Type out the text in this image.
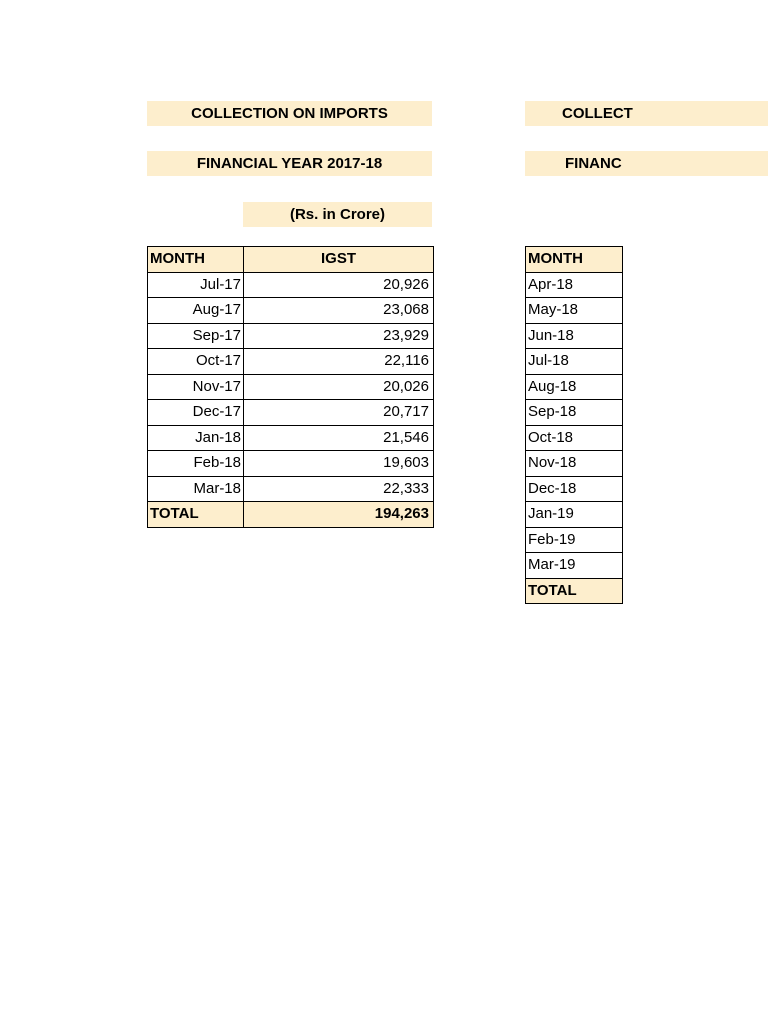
COLLECTION ON IMPORTS
FINANCIAL YEAR 2017-18
(Rs. in Crore)
MONTH	IGST
Jul-17	20,926
Aug-17	23,068
Sep-17	23,929
Oct-17	22,116
Nov-17	20,026
Dec-17	20,717
Jan-18	21,546
Feb-18	19,603
Mar-18	22,333
TOTAL	194,263
COLLECT
FINANC
MONTH
Apr-18
May-18
Jun-18
Jul-18
Aug-18
Sep-18
Oct-18
Nov-18
Dec-18
Jan-19
Feb-19
Mar-19
TOTAL
